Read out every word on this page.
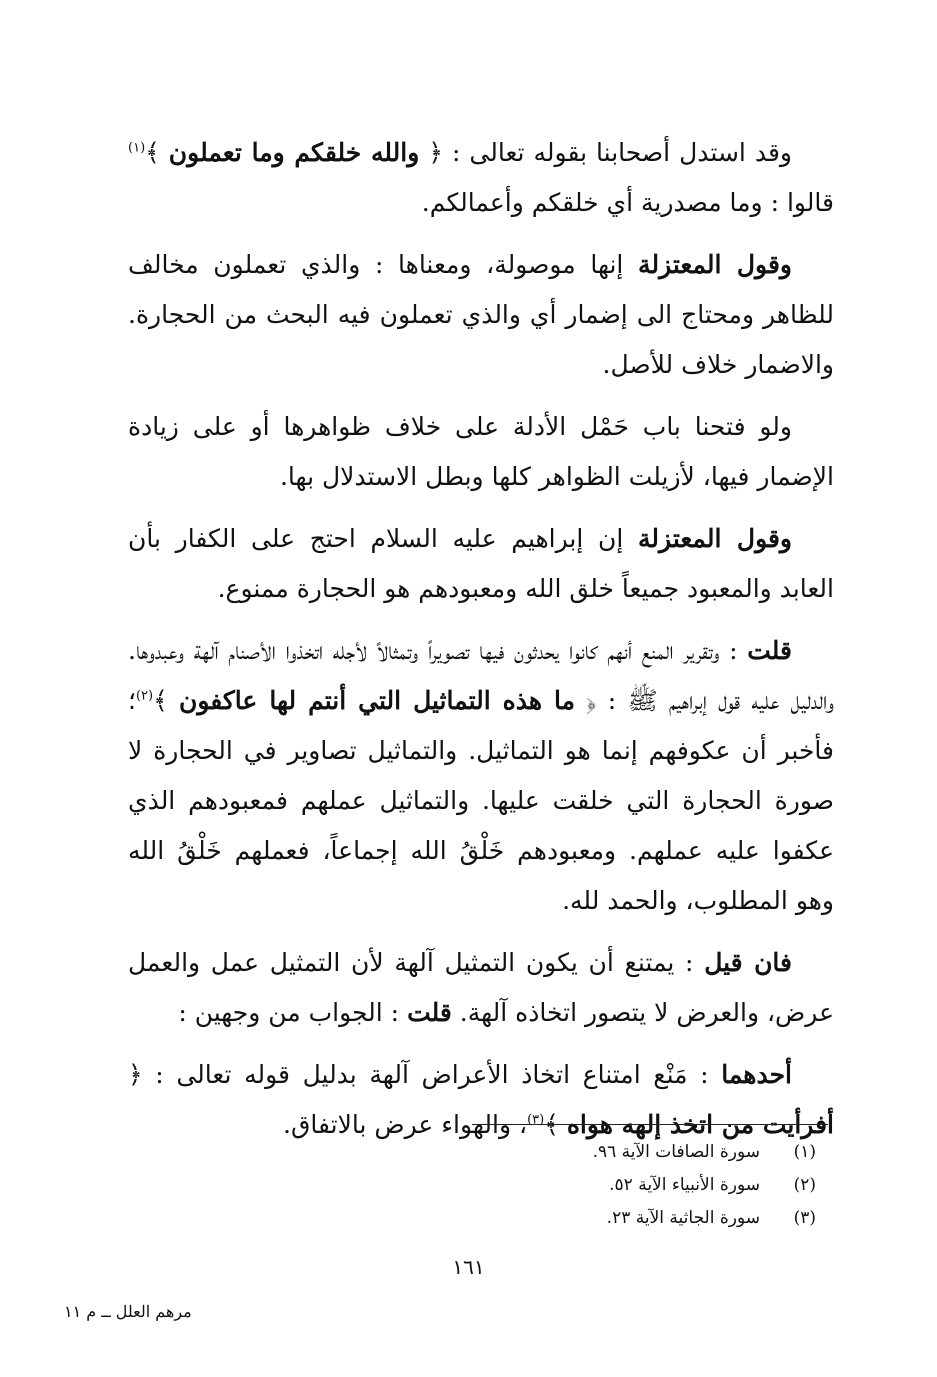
وقد استدل أصحابنا بقوله تعالى : ﴿ والله خلقكم وما تعملون ﴾$^{(١)}$ قالوا : وما مصدرية أي خلقكم وأعمالكم.

وقول المعتزلة إنها موصولة، ومعناها : والذي تعملون مخالف للظاهر ومحتاج الى إضمار أي والذي تعملون فيه البحث من الحجارة. والاضمار خلاف للأصل.

ولو فتحنا باب حَمْل الأدلة على خلاف ظواهرها أو على زيادة الإضمار فيها، لأزيلت الظواهر كلها وبطل الاستدلال بها.

وقول المعتزلة إن إبراهيم عليه السلام احتج على الكفار بأن العابد والمعبود جميعاً خلق الله ومعبودهم هو الحجارة ممنوع.

قلت : وتقرير المنع أنهم كانوا يحدثون فيها تصويراً وتمثالاً لأجله اتخذوا الأصنام آلهة وعبدوها. والدليل عليه قول إبراهيم ﷺ : ﴿ ما هذه التماثيل التي أنتم لها عاكفون ﴾$^{(٢)}$؛ فأخبر أن عكوفهم إنما هو التماثيل. والتماثيل تصاوير في الحجارة لا صورة الحجارة التي خلقت عليها. والتماثيل عملهم فمعبودهم الذي عكفوا عليه عملهم. ومعبودهم خَلْقُ الله إجماعاً، فعملهم خَلْقُ الله وهو المطلوب، والحمد لله.

فان قيل : يمتنع أن يكون التمثيل آلهة لأن التمثيل عمل والعمل عرض، والعرض لا يتصور اتخاذه آلهة. قلت : الجواب من وجهين :

أحدهما : مَنْع امتناع اتخاذ الأعراض آلهة بدليل قوله تعالى : ﴿ أفرأيت من اتخذ إلهه هواه ﴾$^{(٣)}$، والهواء عرض بالاتفاق.

(١)سورة الصافات الآية ٩٦.
(٢)سورة الأنبياء الآية ٥٢.
(٣)سورة الجاثية الآية ٢٣.
١٦١
مرهم العلل ــ م ١١
